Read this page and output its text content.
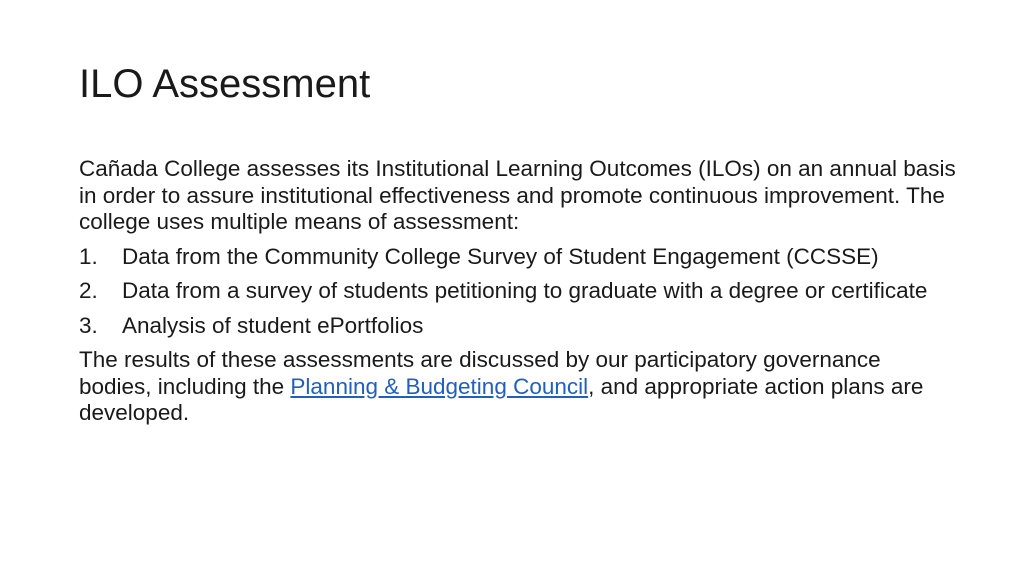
ILO Assessment

Cañada College assesses its Institutional Learning Outcomes (ILOs) on an annual basis in order to assure institutional effectiveness and promote continuous improvement. The college uses multiple means of assessment:

1.	Data from the Community College Survey of Student Engagement (CCSSE)
2.	Data from a survey of students petitioning to graduate with a degree or certificate
3.	Analysis of student ePortfolios

The results of these assessments are discussed by our participatory governance bodies, including the Planning & Budgeting Council, and appropriate action plans are developed.
